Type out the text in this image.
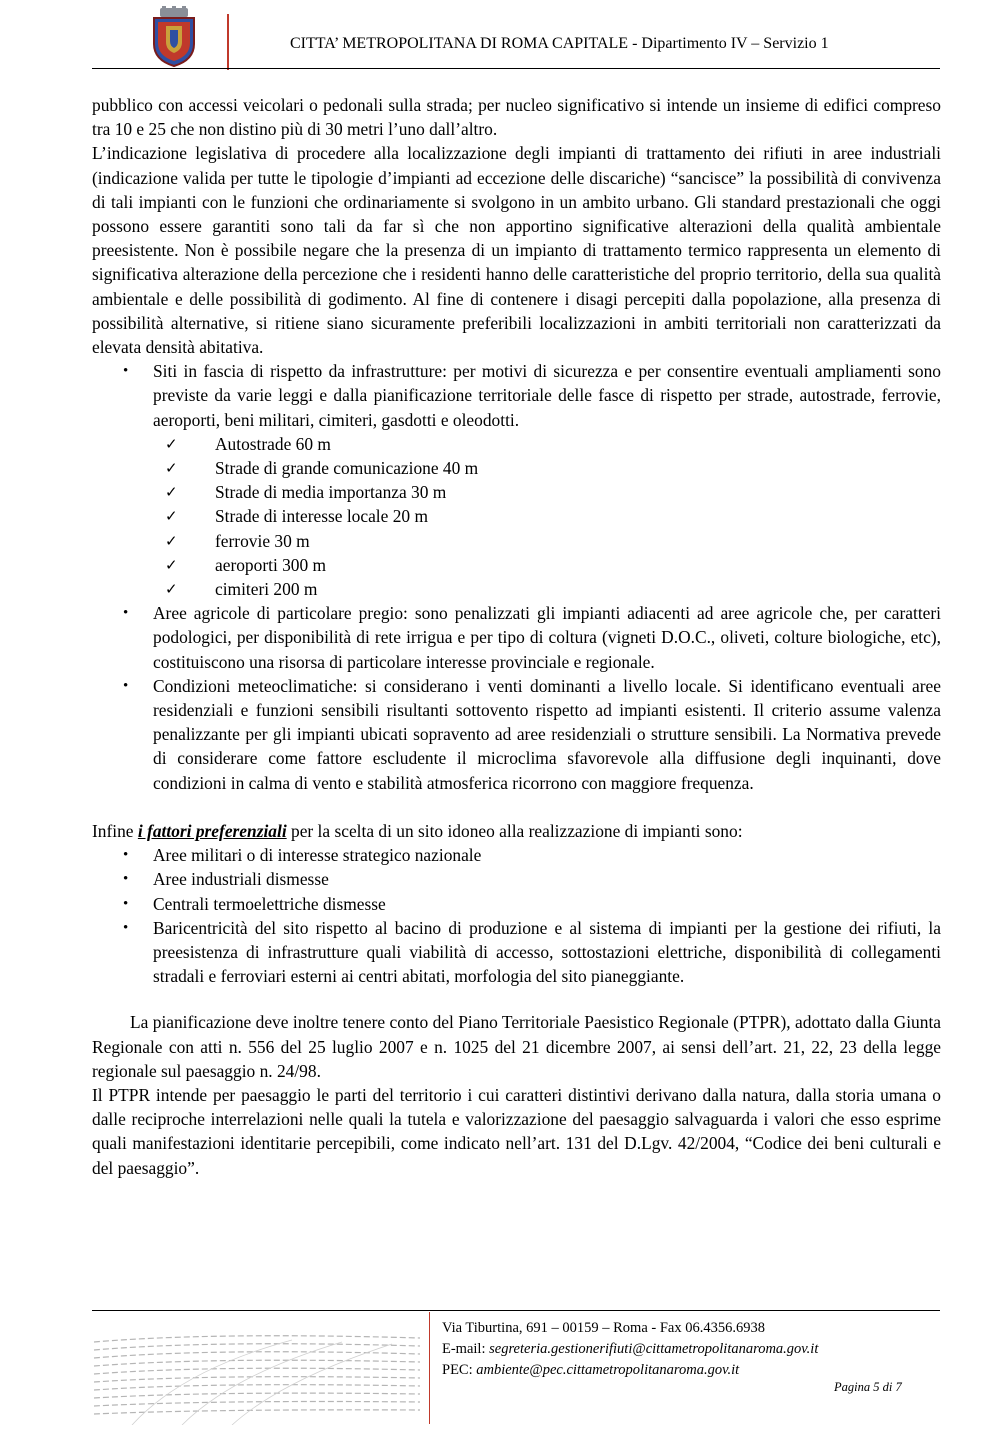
CITTA’ METROPOLITANA DI ROMA CAPITALE - Dipartimento IV – Servizio 1

pubblico con accessi veicolari o pedonali sulla strada; per nucleo significativo si intende un insieme di edifici compreso tra 10 e 25 che non distino più di 30 metri l’uno dall’altro.

L’indicazione legislativa di procedere alla localizzazione degli impianti di trattamento dei rifiuti in aree industriali (indicazione valida per tutte le tipologie d’impianti ad eccezione delle discariche) “sancisce” la possibilità di convivenza di tali impianti con le funzioni che ordinariamente si svolgono in un ambito urbano. Gli standard prestazionali che oggi possono essere garantiti sono tali da far sì che non apportino significative alterazioni della qualità ambientale preesistente. Non è possibile negare che la presenza di un impianto di trattamento termico rappresenta un elemento di significativa alterazione della percezione che i residenti hanno delle caratteristiche del proprio territorio, della sua qualità ambientale e delle possibilità di godimento. Al fine di contenere i disagi percepiti dalla popolazione, alla presenza di possibilità alternative, si ritiene siano sicuramente preferibili localizzazioni in ambiti territoriali non caratterizzati da elevata densità abitativa.

• Siti in fascia di rispetto da infrastrutture: per motivi di sicurezza e per consentire eventuali ampliamenti sono previste da varie leggi e dalla pianificazione territoriale delle fasce di rispetto per strade, autostrade, ferrovie, aeroporti, beni militari, cimiteri, gasdotti e oleodotti.
✓ Autostrade 60 m
✓ Strade di grande comunicazione 40 m
✓ Strade di media importanza 30 m
✓ Strade di interesse locale 20 m
✓ ferrovie 30 m
✓ aeroporti 300 m
✓ cimiteri 200 m
• Aree agricole di particolare pregio: sono penalizzati gli impianti adiacenti ad aree agricole che, per caratteri podologici, per disponibilità di rete irrigua e per tipo di coltura (vigneti D.O.C., oliveti, colture biologiche, etc), costituiscono una risorsa di particolare interesse provinciale e regionale.
• Condizioni meteoclimatiche: si considerano i venti dominanti a livello locale. Si identificano eventuali aree residenziali e funzioni sensibili risultanti sottovento rispetto ad impianti esistenti. Il criterio assume valenza penalizzante per gli impianti ubicati sopravento ad aree residenziali o strutture sensibili. La Normativa prevede di considerare come fattore escludente il microclima sfavorevole alla diffusione degli inquinanti, dove condizioni in calma di vento e stabilità atmosferica ricorrono con maggiore frequenza.

Infine i fattori preferenziali per la scelta di un sito idoneo alla realizzazione di impianti sono:

• Aree militari o di interesse strategico nazionale
• Aree industriali dismesse
• Centrali termoelettriche dismesse
• Baricentricità del sito rispetto al bacino di produzione e al sistema di impianti per la gestione dei rifiuti, la preesistenza di infrastrutture quali viabilità di accesso, sottostazioni elettriche, disponibilità di collegamenti stradali e ferroviari esterni ai centri abitati, morfologia del sito pianeggiante.

La pianificazione deve inoltre tenere conto del Piano Territoriale Paesistico Regionale (PTPR), adottato dalla Giunta Regionale con atti n. 556 del 25 luglio 2007 e n. 1025 del 21 dicembre 2007, ai sensi dell’art. 21, 22, 23 della legge regionale sul paesaggio n. 24/98.

Il PTPR intende per paesaggio le parti del territorio i cui caratteri distintivi derivano dalla natura, dalla storia umana o dalle reciproche interrelazioni nelle quali la tutela e valorizzazione del paesaggio salvaguarda i valori che esso esprime quali manifestazioni identitarie percepibili, come indicato nell’art. 131 del D.Lgv. 42/2004, “Codice dei beni culturali e del paesaggio”.

Via Tiburtina, 691 – 00159 – Roma - Fax 06.4356.6938
E-mail: segreteria.gestionerifiuti@cittametropolitanaroma.gov.it
PEC: ambiente@pec.cittametropolitanaroma.gov.it
Pagina 5 di 7
